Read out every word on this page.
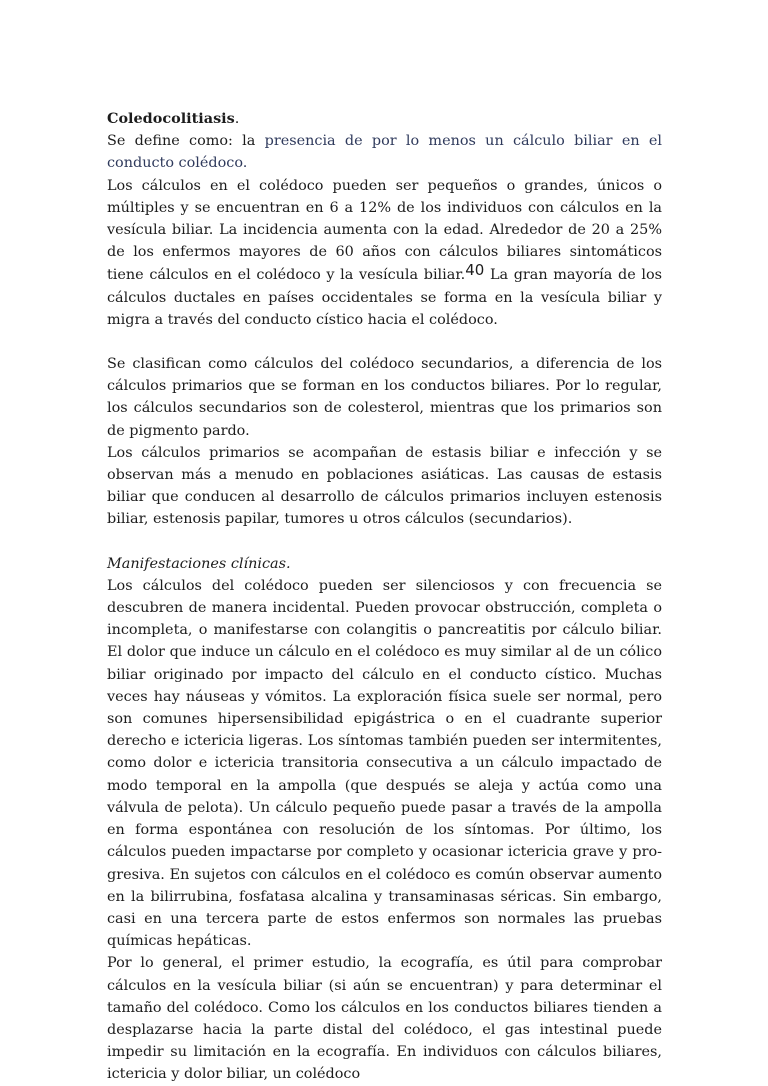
Coledocolitiasis.

Se define como: la presencia de por lo menos un cálculo biliar en el conducto colédoco.

Los cálculos en el colédoco pueden ser pequeños o grandes, únicos o múltiples y se encuentran en 6 a 12% de los individuos con cálculos en la vesícula biliar. La incidencia aumenta con la edad. Alrededor de 20 a 25% de los enfermos mayores de 60 años con cálculos biliares sintomáticos tiene cálculos en el colédoco y la vesícula biliar.40 La gran mayoría de los cálculos ductales en países occidentales se forma en la vesícula biliar y migra a través del conducto cístico hacia el colédoco.

Se clasifican como cálculos del colédoco secundarios, a diferencia de los cálculos primarios que se forman en los conductos biliares. Por lo regular, los cálculos secundarios son de colesterol, mientras que los primarios son de pigmento pardo.

Los cálculos primarios se acompañan de estasis biliar e infección y se observan más a menudo en poblaciones asiáticas. Las causas de estasis biliar que conducen al desarrollo de cálculos primarios incluyen estenosis biliar, estenosis papilar, tumores u otros cálculos (secundarios).

Manifestaciones clínicas.

Los cálculos del colédoco pueden ser silenciosos y con frecuencia se descubren de manera incidental. Pueden provocar obstrucción, completa o incompleta, o manifestarse con colangitis o pancreatitis por cálculo biliar. El dolor que induce un cálculo en el colédoco es muy similar al de un cólico biliar originado por impacto del cálculo en el conducto cístico. Muchas veces hay náuseas y vómitos. La exploración física suele ser normal, pero son comunes hipersensibilidad epigástrica o en el cuadrante superior derecho e ictericia ligeras. Los síntomas también pueden ser intermitentes, como dolor e ictericia transitoria consecutiva a un cálculo impactado de modo temporal en la ampolla (que después se aleja y actúa como una válvula de pelota). Un cálculo pequeño puede pasar a través de la ampolla en forma espontánea con resolución de los síntomas. Por último, los cálculos pueden impactarse por completo y ocasionar ictericia grave y pro- gresiva. En sujetos con cálculos en el colédoco es común observar aumento en la bilirrubina, fosfatasa alcalina y transaminasas séricas. Sin embargo, casi en una tercera parte de estos enfermos son normales las pruebas químicas hepáticas.

Por lo general, el primer estudio, la ecografía, es útil para comprobar cálculos en la vesícula biliar (si aún se encuentran) y para determinar el tamaño del colédoco. Como los cálculos en los conductos biliares tienden a desplazarse hacia la parte distal del colédoco, el gas intestinal puede impedir su limitación en la ecografía. En individuos con cálculos biliares, ictericia y dolor biliar, un colédoco
